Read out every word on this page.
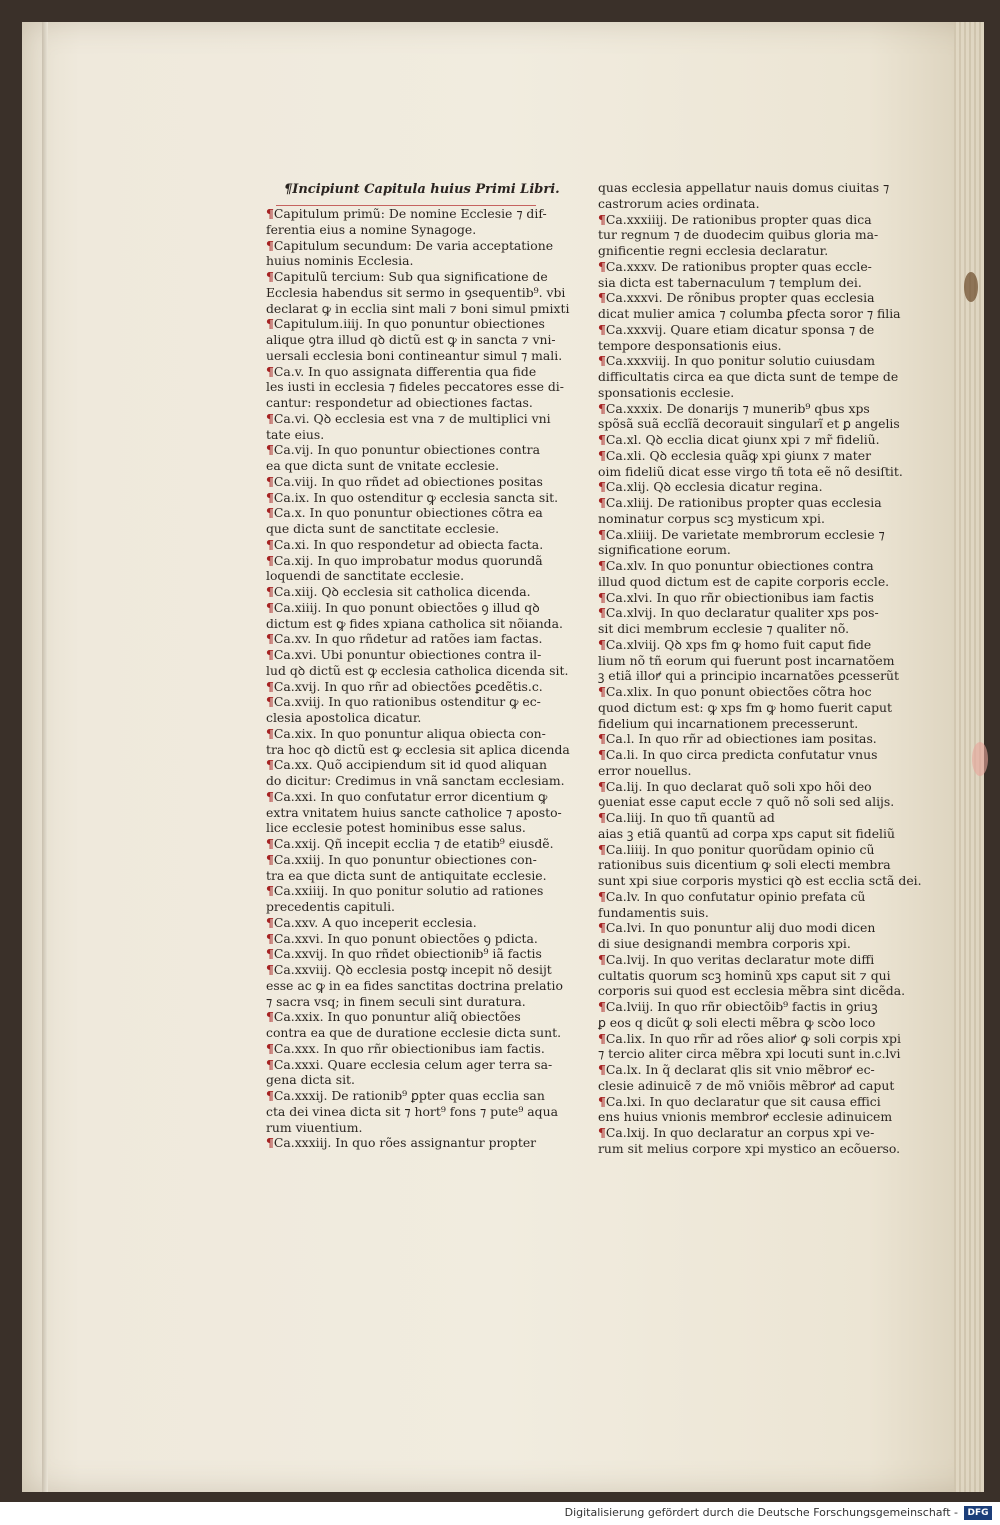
¶Incipiunt Capitula huius Primi Libri.
¶Capitulum primũ: De nomine Ecclesie ⁊ dif-
ferentia eius a nomine Synagoge.
¶Capitulum secundum: De varia acceptatione
huius nominis Ecclesia.
¶Capitulũ tercium: Sub qua significatione de
Ecclesia habendus sit sermo in ꝯsequentib⁹. vbi
declarat ꝙ in ecclia sint mali ⁊ boni simul pmixti
¶Capitulum.iiij. In quo ponuntur obiectiones
alique ꝯtra illud qꝺ dictũ est ꝙ in sancta ⁊ vni-
uersali ecclesia boni contineantur simul ⁊ mali.
¶Ca.v. In quo assignata differentia qua fide
les iusti in ecclesia ⁊ fideles peccatores esse di-
cantur: respondetur ad obiectiones factas.
¶Ca.vi. Qꝺ ecclesia est vna ⁊ de multiplici vni
tate eius.
¶Ca.vij. In quo ponuntur obiectiones contra
ea que dicta sunt de vnitate ecclesie.
¶Ca.viij. In quo rñdet ad obiectiones positas
¶Ca.ix. In quo ostenditur ꝙ ecclesia sancta sit.
¶Ca.x. In quo ponuntur obiectiones cõtra ea
que dicta sunt de sanctitate ecclesie.
¶Ca.xi. In quo respondetur ad obiecta facta.
¶Ca.xij. In quo improbatur modus quorundã
loquendi de sanctitate ecclesie.
¶Ca.xiij. Qꝺ ecclesia sit catholica dicenda.
¶Ca.xiiij. In quo ponunt obiectões ꝯ illud qꝺ
dictum est ꝙ fides xpiana catholica sit nõianda.
¶Ca.xv. In quo rñdetur ad ratões iam factas.
¶Ca.xvi. Ubi ponuntur obiectiones contra il-
lud qꝺ dictũ est ꝙ ecclesia catholica dicenda sit.
¶Ca.xvij. In quo rñr ad obiectões ꝑcedẽtis.c.
¶Ca.xviij. In quo rationibus ostenditur ꝙ ec-
clesia apostolica dicatur.
¶Ca.xix. In quo ponuntur aliqua obiecta con-
tra hoc qꝺ dictũ est ꝙ ecclesia sit aplica dicenda
¶Ca.xx. Quõ accipiendum sit id quod aliquan
do dicitur: Credimus in vnã sanctam ecclesiam.
¶Ca.xxi. In quo confutatur error dicentium ꝙ
extra vnitatem huius sancte catholice ⁊ aposto-
lice ecclesie potest hominibus esse salus.
¶Ca.xxij. Qñ incepit ecclia ⁊ de etatib⁹ eiusdẽ.
¶Ca.xxiij. In quo ponuntur obiectiones con-
tra ea que dicta sunt de antiquitate ecclesie.
¶Ca.xxiiij. In quo ponitur solutio ad rationes
precedentis capituli.
¶Ca.xxv. A quo inceperit ecclesia.
¶Ca.xxvi. In quo ponunt obiectões ꝯ pdicta.
¶Ca.xxvij. In quo rñdet obiectionib⁹ iã factis
¶Ca.xxviij. Qꝺ ecclesia postꝙ incepit nõ desijt
esse ac ꝙ in ea fides sanctitas doctrina prelatio
⁊ sacra vsq; in finem seculi sint duratura.
¶Ca.xxix. In quo ponuntur aliq̃ obiectões
contra ea que de duratione ecclesie dicta sunt.
¶Ca.xxx. In quo rñr obiectionibus iam factis.
¶Ca.xxxi. Quare ecclesia celum ager terra sa-
gena dicta sit.
¶Ca.xxxij. De rationib⁹ ꝑpter quas ecclia san
cta dei vinea dicta sit ⁊ hort⁹ fons ⁊ pute⁹ aqua
rum viuentium.
¶Ca.xxxiij. In quo rões assignantur propter
quas ecclesia appellatur nauis domus ciuitas ⁊
castrorum acies ordinata.
¶Ca.xxxiiij. De rationibus propter quas dica
tur regnum ⁊ de duodecim quibus gloria ma-
gnificentie regni ecclesia declaratur.
¶Ca.xxxv. De rationibus propter quas eccle-
sia dicta est tabernaculum ⁊ templum dei.
¶Ca.xxxvi. De rõnibus propter quas ecclesia
dicat mulier amica ⁊ columba ꝑfecta soror ⁊ filia
¶Ca.xxxvij. Quare etiam dicatur sponsa ⁊ de
tempore desponsationis eius.
¶Ca.xxxviij. In quo ponitur solutio cuiusdam
difficultatis circa ea que dicta sunt de tempe de
sponsationis ecclesie.
¶Ca.xxxix. De donarijs ⁊ munerib⁹ qbus xps
spõsã suã ecclĩã decorauit singularĩ et ꝑ angelis
¶Ca.xl. Qꝺ ecclia dicat ꝯiunx xpi ⁊ mr̃ fideliũ.
¶Ca.xli. Qꝺ ecclesia quãꝙ xpi ꝯiunx ⁊ mater
oim fideliũ dicat esse virgo tñ tota eẽ nõ desiſtit.
¶Ca.xlij. Qꝺ ecclesia dicatur regina.
¶Ca.xliij. De rationibus propter quas ecclesia
nominatur corpus scꝫ mysticum xpi.
¶Ca.xliiij. De varietate membrorum ecclesie ⁊
significatione eorum.
¶Ca.xlv. In quo ponuntur obiectiones contra
illud quod dictum est de capite corporis eccle.
¶Ca.xlvi. In quo rñr obiectionibus iam factis
¶Ca.xlvij. In quo declaratur qualiter xps pos-
sit dici membrum ecclesie ⁊ qualiter nõ.
¶Ca.xlviij. Qꝺ xps fm ꝙ homo fuit caput fide
lium nõ tñ eorum qui fuerunt post incarnatõem
ꝫ etiã illoꝵ qui a principio incarnatões ꝑcesserũt
¶Ca.xlix. In quo ponunt obiectões cõtra hoc
quod dictum est: ꝙ xps fm ꝙ homo fuerit caput
fidelium qui incarnationem precesserunt.
¶Ca.l. In quo rñr ad obiectiones iam positas.
¶Ca.li. In quo circa predicta confutatur vnus
error nouellus.
¶Ca.lij. In quo declarat quõ soli xpo hõi deo
ꝯueniat esse caput eccle ⁊ quõ nõ soli sed alijs.
¶Ca.liij. In quo tñ quantũ ad
aias ꝫ etiã quantũ ad corpa xps caput sit fideliũ
¶Ca.liiij. In quo ponitur quorũdam opinio cũ
rationibus suis dicentium ꝙ soli electi membra
sunt xpi siue corporis mystici qꝺ est ecclia sctã dei.
¶Ca.lv. In quo confutatur opinio prefata cũ
fundamentis suis.
¶Ca.lvi. In quo ponuntur alij duo modi dicen
di siue designandi membra corporis xpi.
¶Ca.lvij. In quo veritas declaratur mote diffi
cultatis quorum scꝫ hominũ xps caput sit ⁊ qui
corporis sui quod est ecclesia mẽbra sint dicẽda.
¶Ca.lviij. In quo rñr obiectõib⁹ factis in ꝯriuꝫ
ꝑ eos q dicũt ꝙ soli electi mẽbra ꝙ scꝺo loco
¶Ca.lix. In quo rñr ad rões alioꝵ ꝙ soli corpis xpi
⁊ tercio aliter circa mẽbra xpi locuti sunt in.c.lvi
¶Ca.lx. In q̃ declarat qlis sit vnio mẽbroꝵ ec-
clesie adinuicẽ ⁊ de mõ vniõis mẽbroꝵ ad caput
¶Ca.lxi. In quo declaratur que sit causa effici
ens huius vnionis membroꝵ ecclesie adinuicem
¶Ca.lxij. In quo declaratur an corpus xpi ve-
rum sit melius corpore xpi mystico an ecõuerso.
Digitalisierung gefördert durch die Deutsche Forschungsgemeinschaft -	DFG
